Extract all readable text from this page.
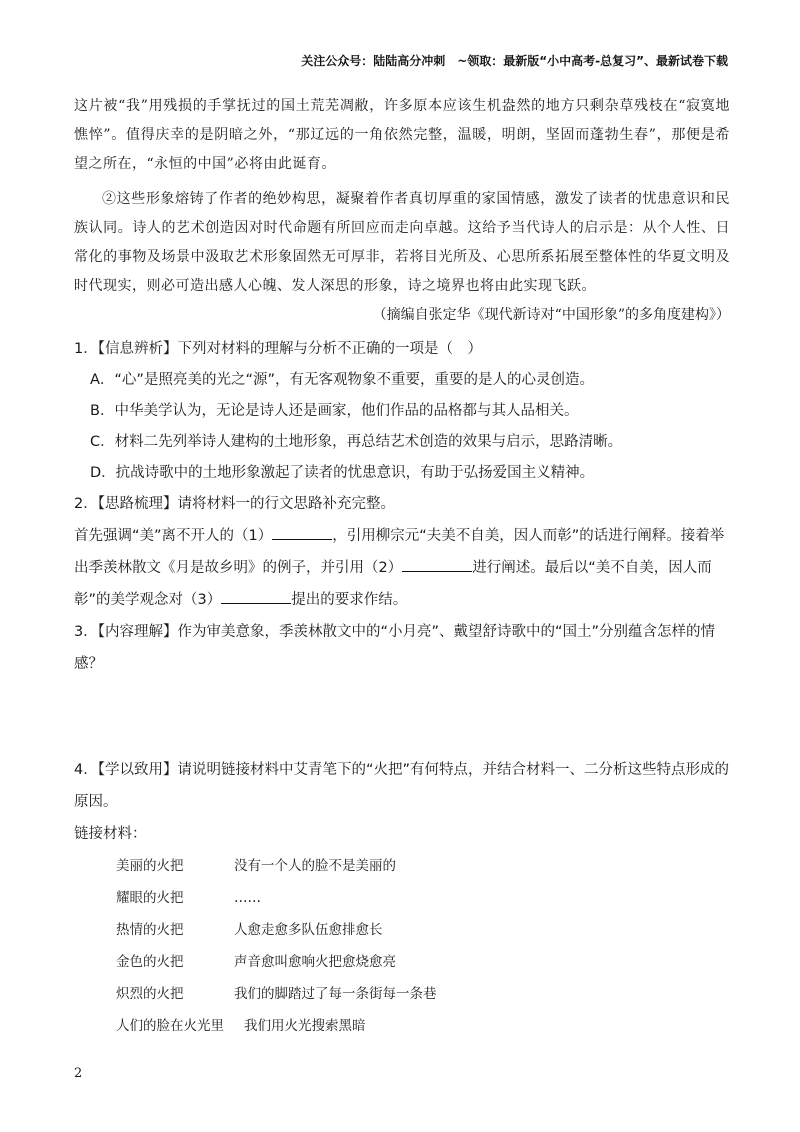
关注公众号：陆陆高分冲刺　~领取：最新版“小中高考-总复习”、最新试卷下载

这片被“我”用残损的手掌抚过的国土荒芜凋敝，许多原本应该生机盎然的地方只剩杂草残枝在“寂寞地憔悴”。值得庆幸的是阴暗之外，“那辽远的一角依然完整，温暖，明朗，坚固而蓬勃生春”，那便是希望之所在，“永恒的中国”必将由此诞育。

②这些形象熔铸了作者的绝妙构思，凝聚着作者真切厚重的家国情感，激发了读者的忧患意识和民族认同。诗人的艺术创造因对时代命题有所回应而走向卓越。这给予当代诗人的启示是：从个人性、日常化的事物及场景中汲取艺术形象固然无可厚非，若将目光所及、心思所系拓展至整体性的华夏文明及时代现实，则必可造出感人心魄、发人深思的形象，诗之境界也将由此实现飞跃。

（摘编自张定华《现代新诗对“中国形象”的多角度建构》）

1．【信息辨析】下列对材料的理解与分析不正确的一项是（　）

A．“心”是照亮美的光之“源”，有无客观物象不重要，重要的是人的心灵创造。

B．中华美学认为，无论是诗人还是画家，他们作品的品格都与其人品相关。

C．材料二先列举诗人建构的土地形象，再总结艺术创造的效果与启示，思路清晰。

D．抗战诗歌中的土地形象激起了读者的忧患意识，有助于弘扬爱国主义精神。

2．【思路梳理】请将材料一的行文思路补充完整。

首先强调“美”离不开人的（1）	，引用柳宗元“夫美不自美，因人而彰”的话进行阐释。接着举出季羡林散文《月是故乡明》的例子，并引用（2）	进行阐述。最后以“美不自美，因人而彰”的美学观念对（3）	提出的要求作结。

3．【内容理解】作为审美意象，季羡林散文中的“小月亮”、戴望舒诗歌中的“国土”分别蕴含怎样的情感？

4．【学以致用】请说明链接材料中艾青笔下的“火把”有何特点，并结合材料一、二分析这些特点形成的原因。

链接材料：

美丽的火把	没有一个人的脸不是美丽的
耀眼的火把	……
热情的火把	人愈走愈多队伍愈排愈长
金色的火把	声音愈叫愈响火把愈烧愈亮
炽烈的火把	我们的脚踏过了每一条街每一条巷
人们的脸在火光里	我们用火光搜索黑暗
2
